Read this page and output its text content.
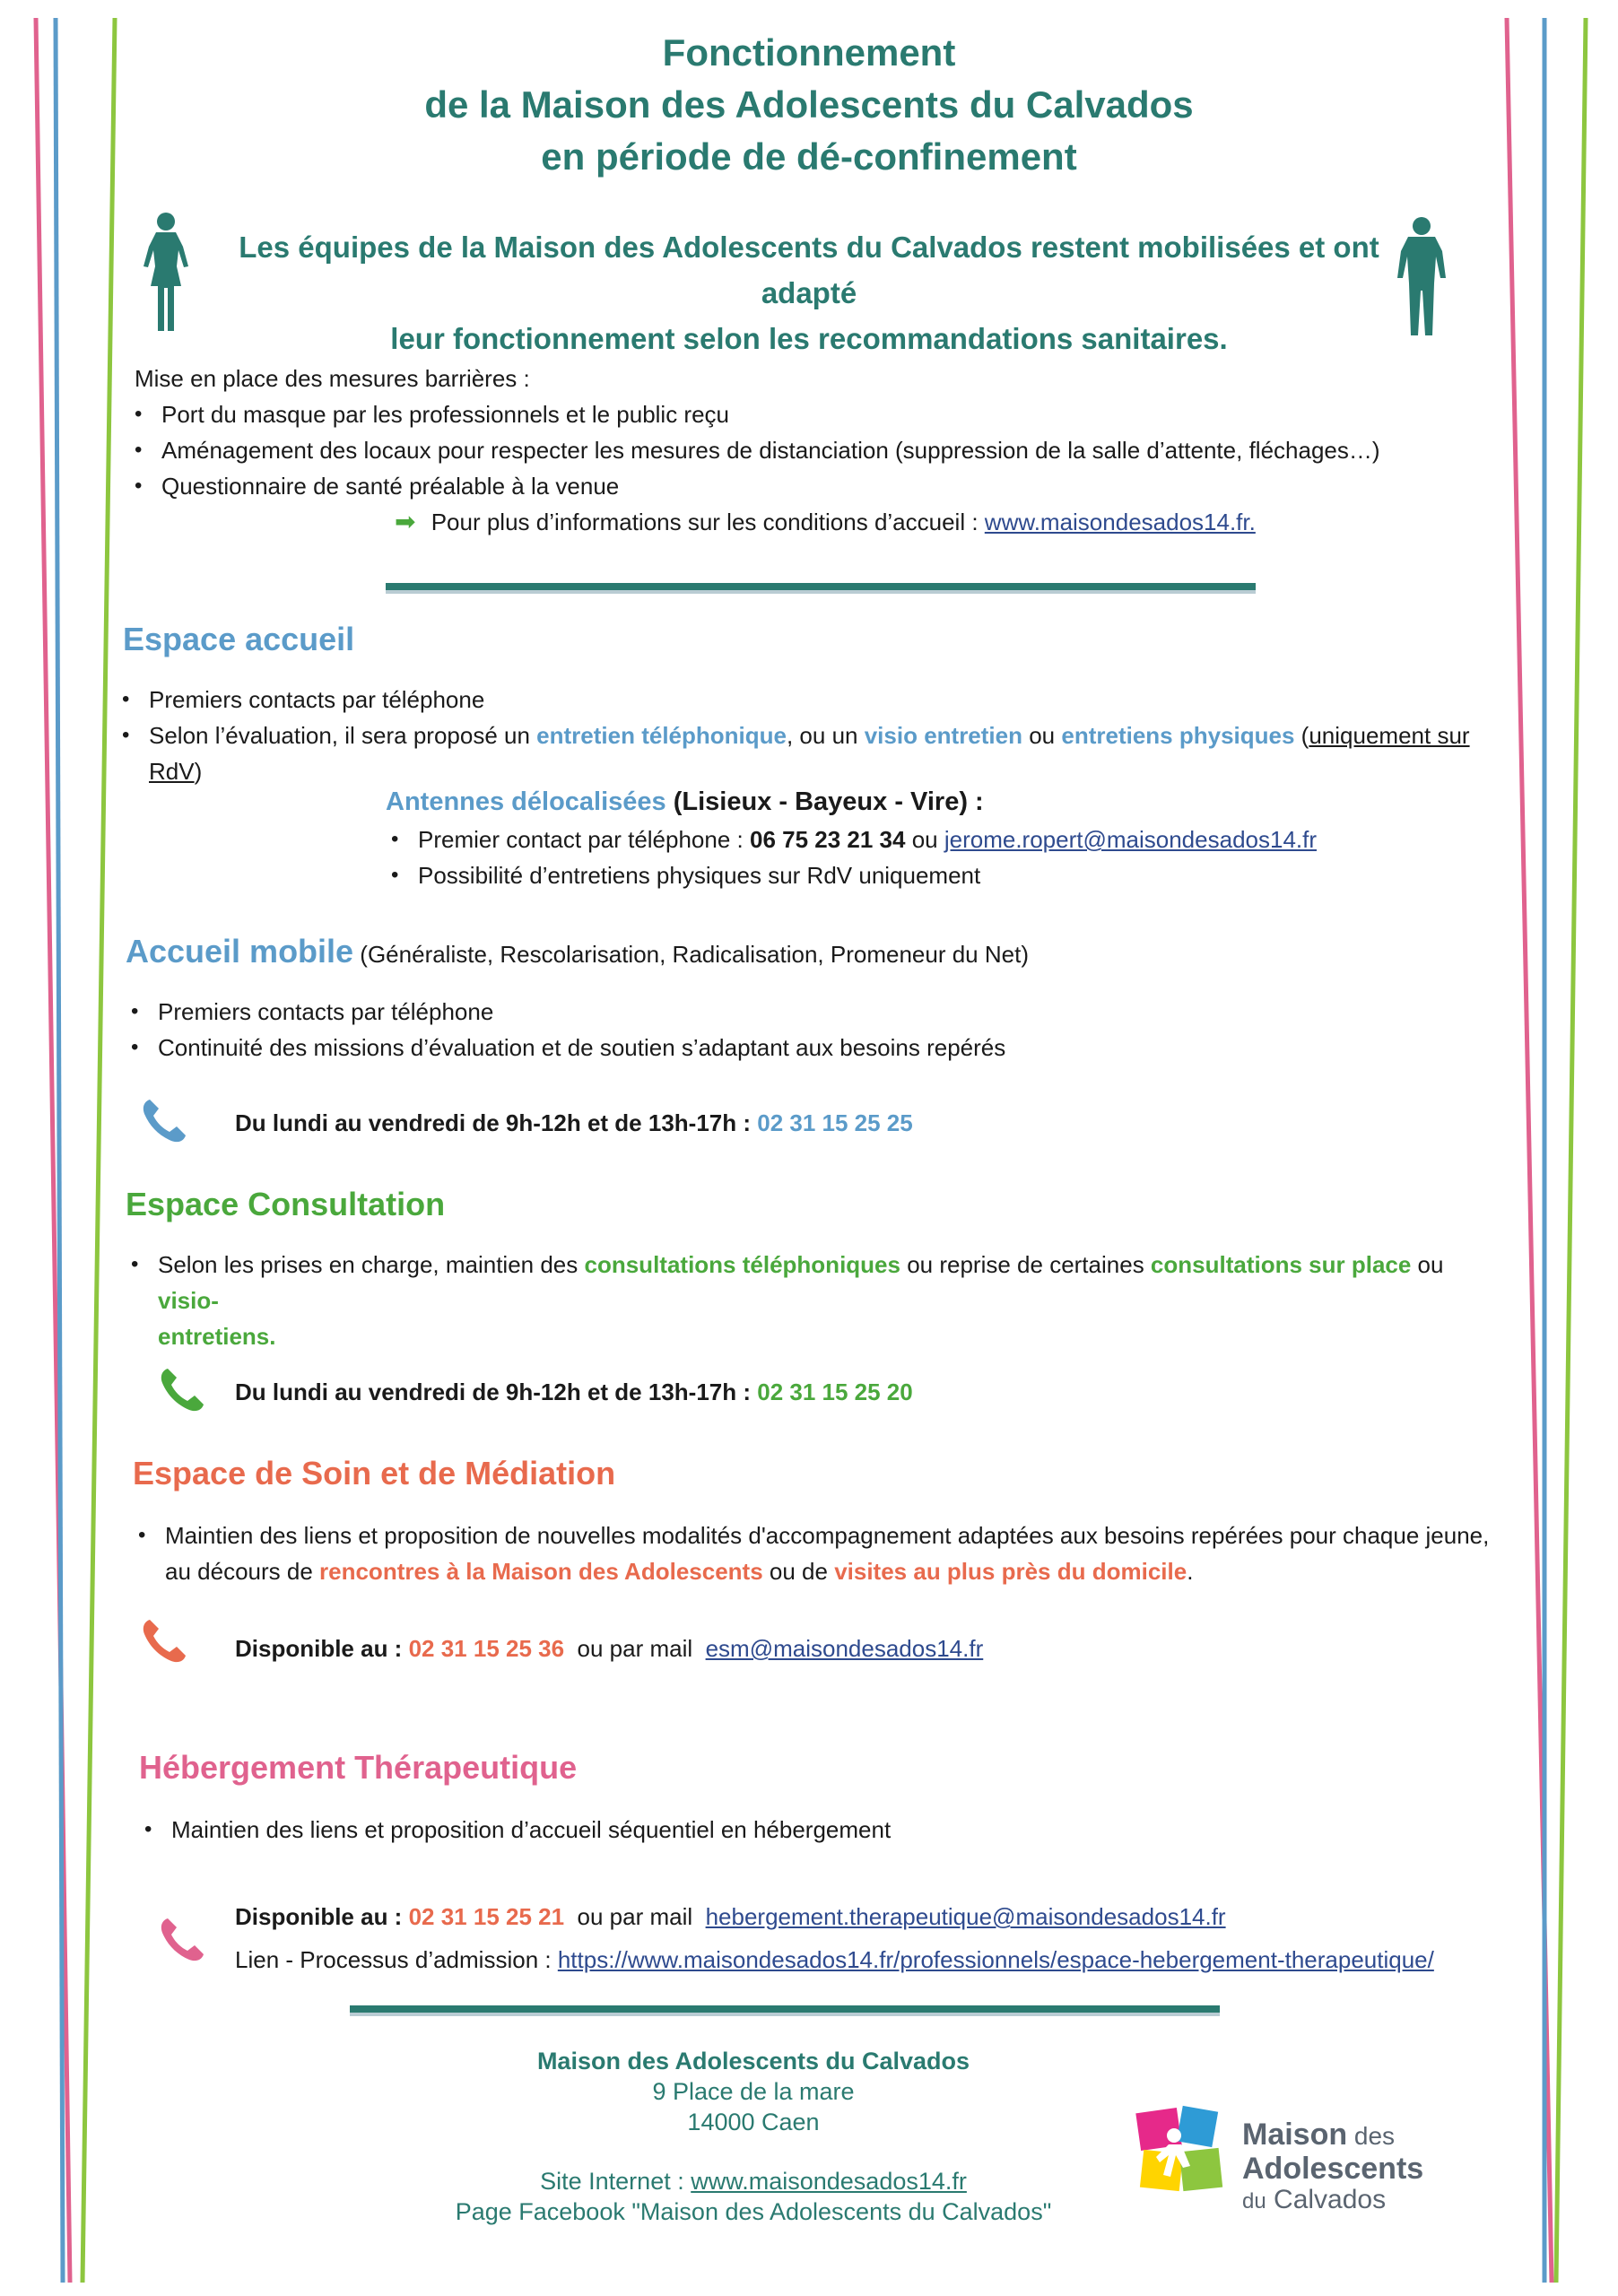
Fonctionnement
de la Maison des Adolescents du Calvados
en période de dé-confinement
Les équipes de la Maison des Adolescents du Calvados restent mobilisées et ont adapté
leur fonctionnement selon les recommandations sanitaires.
Mise en place des mesures barrières :
• Port du masque par les professionnels et le public reçu
• Aménagement des locaux pour respecter les mesures de distanciation (suppression de la salle d’attente, fléchages…)
• Questionnaire de santé préalable à la venue
➡ Pour plus d’informations sur les conditions d’accueil : www.maisondesados14.fr.
Espace accueil
• Premiers contacts par téléphone
• Selon l’évaluation, il sera proposé un entretien téléphonique, ou un visio entretien ou entretiens physiques (uniquement sur RdV)
Antennes délocalisées (Lisieux - Bayeux - Vire) :
• Premier contact par téléphone : 06 75 23 21 34 ou jerome.ropert@maisondesados14.fr
• Possibilité d’entretiens physiques sur RdV uniquement
Accueil mobile (Généraliste, Rescolarisation, Radicalisation, Promeneur du Net)
• Premiers contacts par téléphone
• Continuité des missions d’évaluation et de soutien s’adaptant aux besoins repérés
Du lundi au vendredi de 9h-12h et de 13h-17h : 02 31 15 25 25
Espace Consultation
• Selon les prises en charge, maintien des consultations téléphoniques ou reprise de certaines consultations sur place ou visio-
entretiens.
Du lundi au vendredi de 9h-12h et de 13h-17h : 02 31 15 25 20
Espace de Soin et de Médiation
• Maintien des liens et proposition de nouvelles modalités d'accompagnement adaptées aux besoins repérées pour chaque jeune,
au décours de rencontres à la Maison des Adolescents ou de visites au plus près du domicile.
Disponible au : 02 31 15 25 36  ou par mail  esm@maisondesados14.fr
Hébergement Thérapeutique
• Maintien des liens et proposition d’accueil séquentiel en hébergement
Disponible au : 02 31 15 25 21  ou par mail  hebergement.therapeutique@maisondesados14.fr
Lien - Processus d’admission : https://www.maisondesados14.fr/professionnels/espace-hebergement-therapeutique/
Maison des Adolescents du Calvados
9 Place de la mare
14000 Caen
Site Internet : www.maisondesados14.fr
Page Facebook "Maison des Adolescents du Calvados"
Maison des
Adolescents
du Calvados
